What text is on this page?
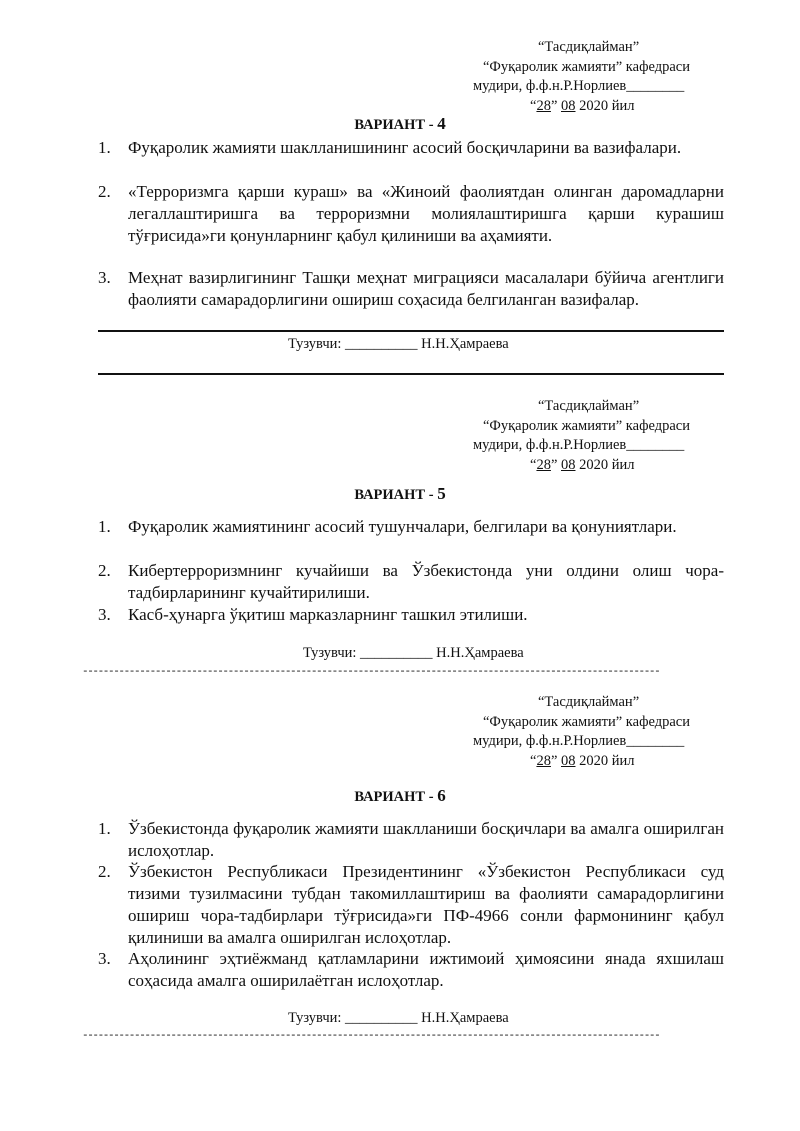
“Тасдиқлайман”
“Фуқаролик жамияти” кафедраси
мудири, ф.ф.н.Р.Норлиев________
“28” 08 2020 йил
ВАРИАНТ - 4
1.	Фуқаролик жамияти шаклланишининг асосий босқичларини ва вазифалари.
2.	«Терроризмга қарши кураш» ва «Жиноий фаолиятдан олинган даромадларни легаллаштиришга ва терроризмни молиялаштиришга қарши курашиш тўғрисида»ги қонунларнинг қабул қилиниши ва аҳамияти.
3.	Меҳнат вазирлигининг Ташқи меҳнат миграцияси масалалари бўйича агентлиги фаолияти самарадорлигини ошириш соҳасида белгиланган вазифалар.
Тузувчи: __________ Н.Н.Ҳамраева
“Тасдиқлайман”
“Фуқаролик жамияти” кафедраси
мудири, ф.ф.н.Р.Норлиев________
“28” 08 2020 йил
ВАРИАНТ - 5
1.	Фуқаролик жамиятининг асосий тушунчалари, белгилари ва қонуниятлари.
2.	Кибертерроризмнинг кучайиши ва Ўзбекистонда уни олдини олиш чора-тадбирларининг кучайтирилиши.
3.	Касб-ҳунарга ўқитиш марказларнинг ташкил этилиши.
Тузувчи: __________ Н.Н.Ҳамраева
---------------------------------------------------------------------------------------------------------------
“Тасдиқлайман”
“Фуқаролик жамияти” кафедраси
мудири, ф.ф.н.Р.Норлиев________
“28” 08 2020 йил
ВАРИАНТ - 6
1.	Ўзбекистонда фуқаролик жамияти шаклланиши босқичлари ва амалга оширилган ислоҳотлар.
2.	Ўзбекистон Республикаси Президентининг «Ўзбекистон Республикаси суд тизими тузилмасини тубдан такомиллаштириш ва фаолияти самарадорлигини ошириш чора-тадбирлари тўғрисида»ги ПФ-4966 сонли фармонининг қабул қилиниши ва амалга оширилган ислоҳотлар.
3.	Аҳолининг эҳтиёжманд қатламларини ижтимоий ҳимоясини янада яхшилаш соҳасида амалга оширилаётган ислоҳотлар.
Тузувчи: __________ Н.Н.Ҳамраева
---------------------------------------------------------------------------------------------------------------
